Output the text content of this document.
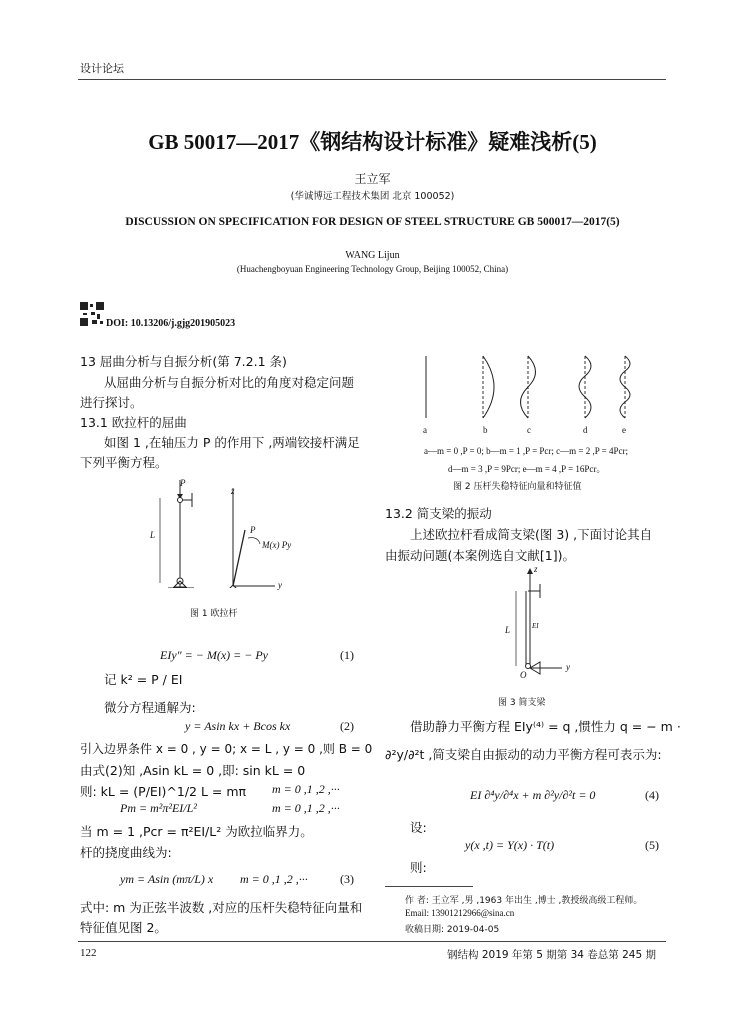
设计论坛
GB 50017—2017《钢结构设计标准》疑难浅析(5)
王立军
(华诚博远工程技术集团 北京 100052)
DISCUSSION ON SPECIFICATION FOR DESIGN OF STEEL STRUCTURE GB 500017—2017(5)
WANG Lijun
(Huachengboyuan Engineering Technology Group, Beijing 100052, China)
DOI: 10.13206/j.gjg201905023
13 屈曲分析与自振分析(第 7.2.1 条)
从屈曲分析与自振分析对比的角度对稳定问题
进行探讨。
13.1 欧拉杆的屈曲
如图 1 ,在轴压力 P 的作用下 ,两端铰接杆满足
下列平衡方程。
P
z
L	P
M(x) Py
y
图 1 欧拉杆
EIy″ = − M(x) = − Py	(1)
记 k² = P / EI
微分方程通解为:
y = Asin kx + Bcos kx	(2)
引入边界条件 x = 0 , y = 0; x = L , y = 0 ,则 B = 0
由式(2)知 ,Asin kL = 0 ,即: sin kL = 0
则: kL = (P/EI)^1/2 L = mπ m = 0 ,1 ,2 ,···
Pm = m²π²EI/L²	m = 0 ,1 ,2 ,···
当 m = 1 ,Pcr = π²EI/L² 为欧拉临界力。
杆的挠度曲线为:
ym = Asin (mπ/L) x m = 0 ,1 ,2 ,···	(3)
式中: m 为正弦半波数 ,对应的压杆失稳特征向量和
特征值见图 2。
a	b	c	d	e
a—m = 0 ,P = 0; b—m = 1 ,P = Pcr; c—m = 2 ,P = 4Pcr;
d—m = 3 ,P = 9Pcr; e—m = 4 ,P = 16Pcr。
图 2 压杆失稳特征向量和特征值
13.2 简支梁的振动
上述欧拉杆看成简支梁(图 3) ,下面讨论其自
由振动问题(本案例选自文献[1])。
z
L	EI
O
y
图 3 简支梁
借助静力平衡方程 EIy⁽⁴⁾ = q ,惯性力 q = − m ·
∂²y/∂²t ,简支梁自由振动的动力平衡方程可表示为:
EI ∂⁴y/∂⁴x + m ∂²y/∂²t = 0	(4)
设:
y(x ,t) = Y(x) · T(t)	(5)
则:
作 者: 王立军 ,男 ,1963 年出生 ,博士 ,教授级高级工程师。
Email: 13901212966@sina.cn
收稿日期: 2019-04-05
122	钢结构 2019 年第 5 期第 34 卷总第 245 期
